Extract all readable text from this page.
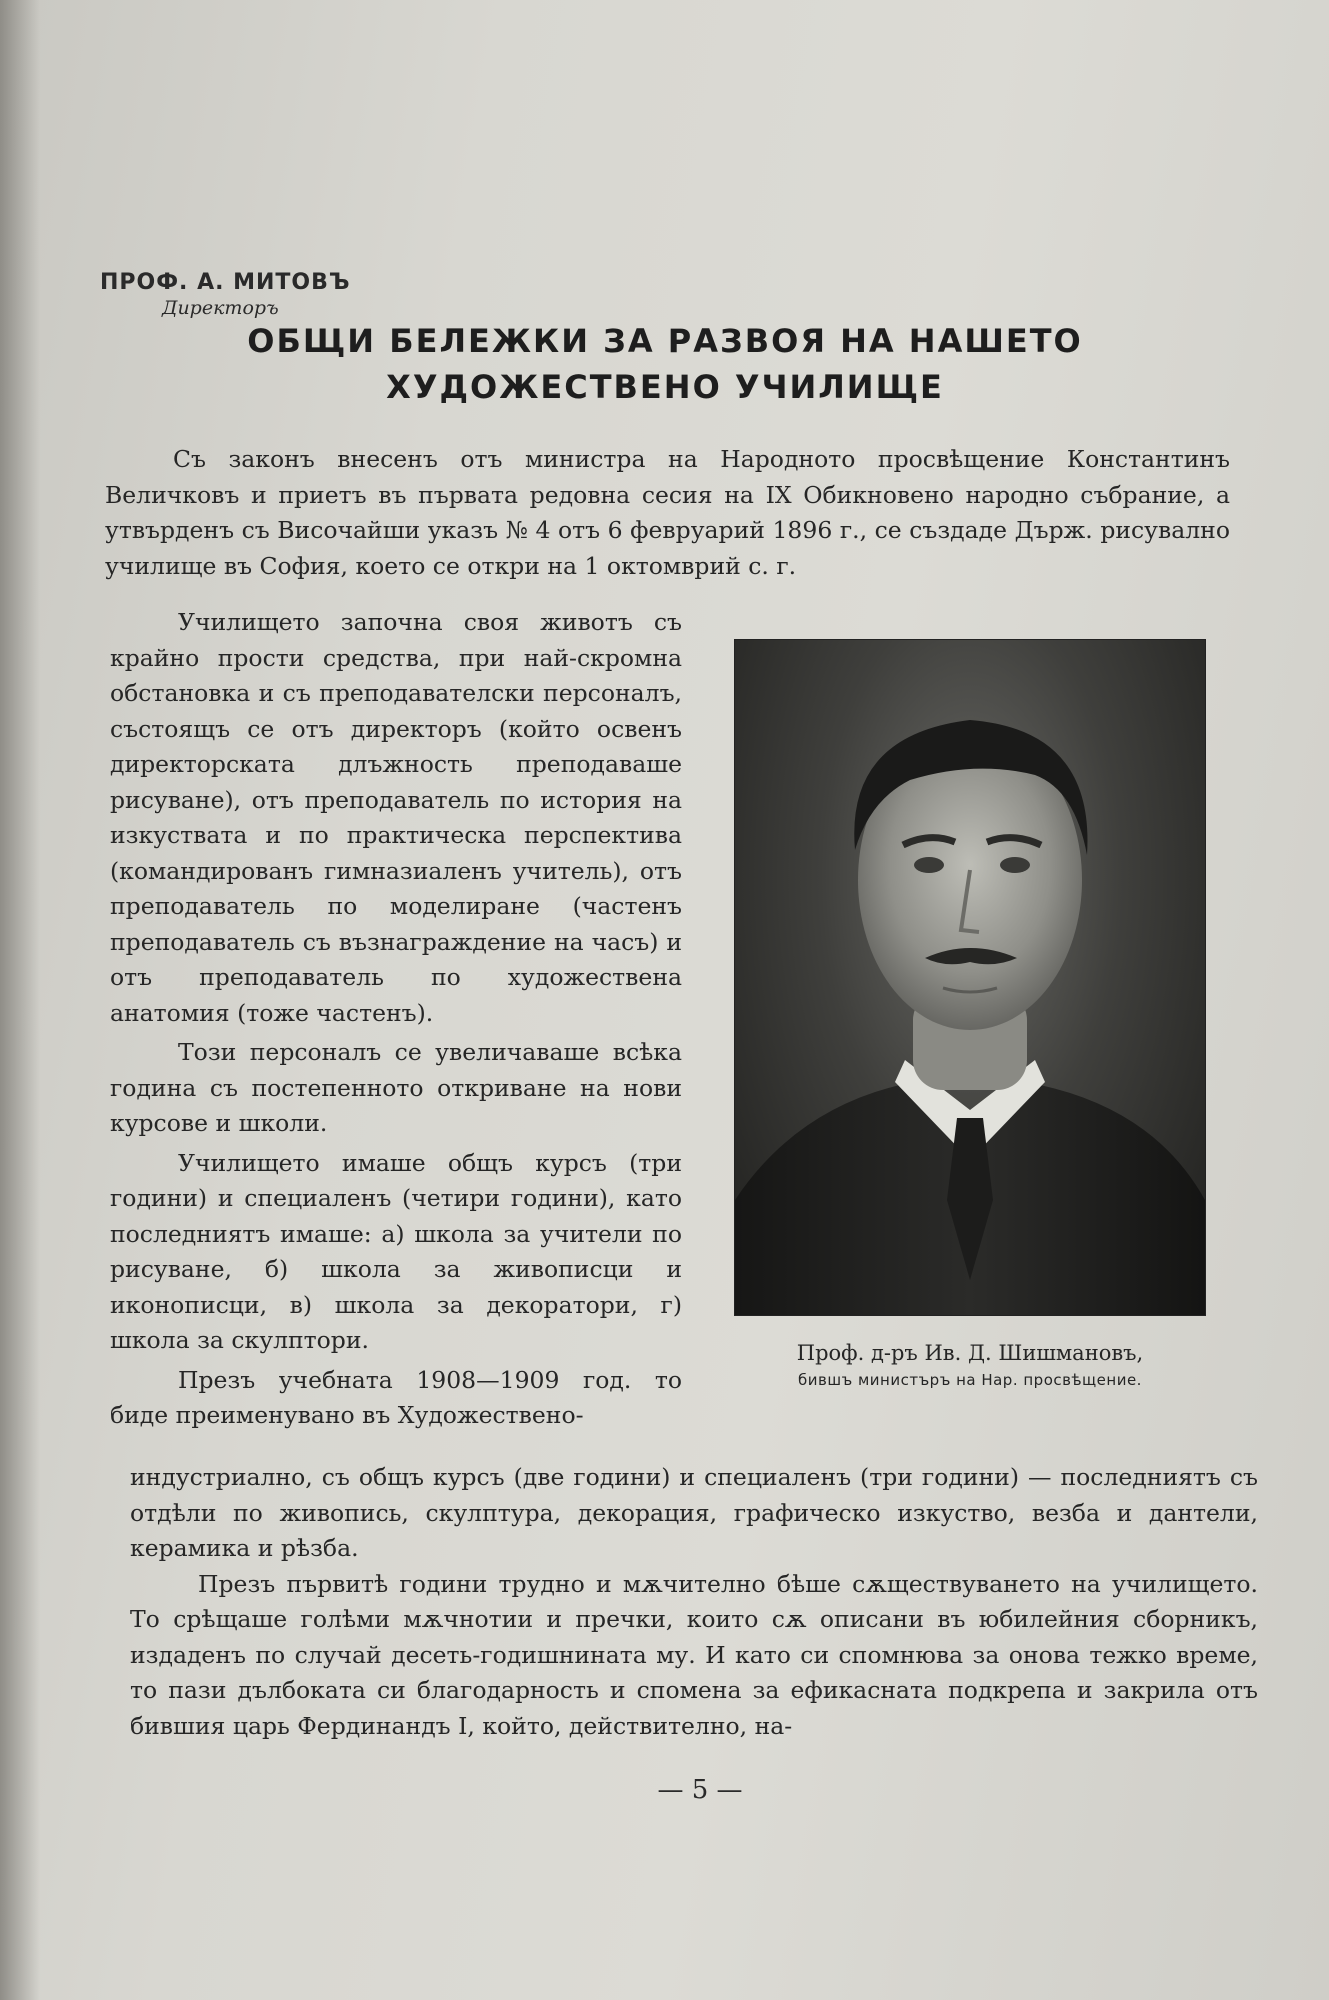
ПРОФ. А. МИТОВЪ
Директоръ
ОБЩИ БЕЛЕЖКИ ЗА РАЗВОЯ НА НАШЕТО
ХУДОЖЕСТВЕНО УЧИЛИЩЕ

Съ законъ внесенъ отъ министра на Народното просвѣщение Константинъ Величковъ и приетъ въ първата редовна сесия на IX Обикновено народно събрание, а утвърденъ съ Височайши указъ № 4 отъ 6 февруарий 1896 г., се създаде Държ. рисувално училище въ София, което се откри на 1 октомврий с. г.

Училището започна своя животъ съ крайно прости средства, при най-скромна обстановка и съ преподавателски персоналъ, състоящъ се отъ директоръ (който освенъ директорската длъжность преподаваше рисуване), отъ преподаватель по история на изкуствата и по практическа перспектива (командированъ гимназиаленъ учитель), отъ преподаватель по моделиране (частенъ преподаватель съ възнаграждение на часъ) и отъ преподаватель по художествена анатомия (тоже частенъ).

Този персоналъ се увеличаваше всѣка година съ постепенното откриване на нови курсове и школи.

Училището имаше общъ курсъ (три години) и специаленъ (четири години), като последниятъ имаше: а) школа за учители по рисуване, б) школа за живописци и иконописци, в) школа за декоратори, г) школа за скулптори.

Презъ учебната 1908—1909 год. то биде преименувано въ Художествено-

Проф. д-ръ Ив. Д. Шишмановъ,
бившъ министъръ на Нар. просвѣщение.

индустриално, съ общъ курсъ (две години) и специаленъ (три години) — последниятъ съ отдѣли по живопись, скулптура, декорация, графическо изкуство, везба и дантели, керамика и рѣзба.

Презъ първитѣ години трудно и мѫчително бѣше сѫществуването на училището. То срѣщаше голѣми мѫчнотии и пречки, които сѫ описани въ юбилейния сборникъ, издаденъ по случай десеть-годишнината му. И като си спомнюва за онова тежко време, то пази дълбоката си благодарность и спомена за ефикасната подкрепа и закрила отъ бившия царь Фердинандъ I, който, действително, на-

— 5 —
